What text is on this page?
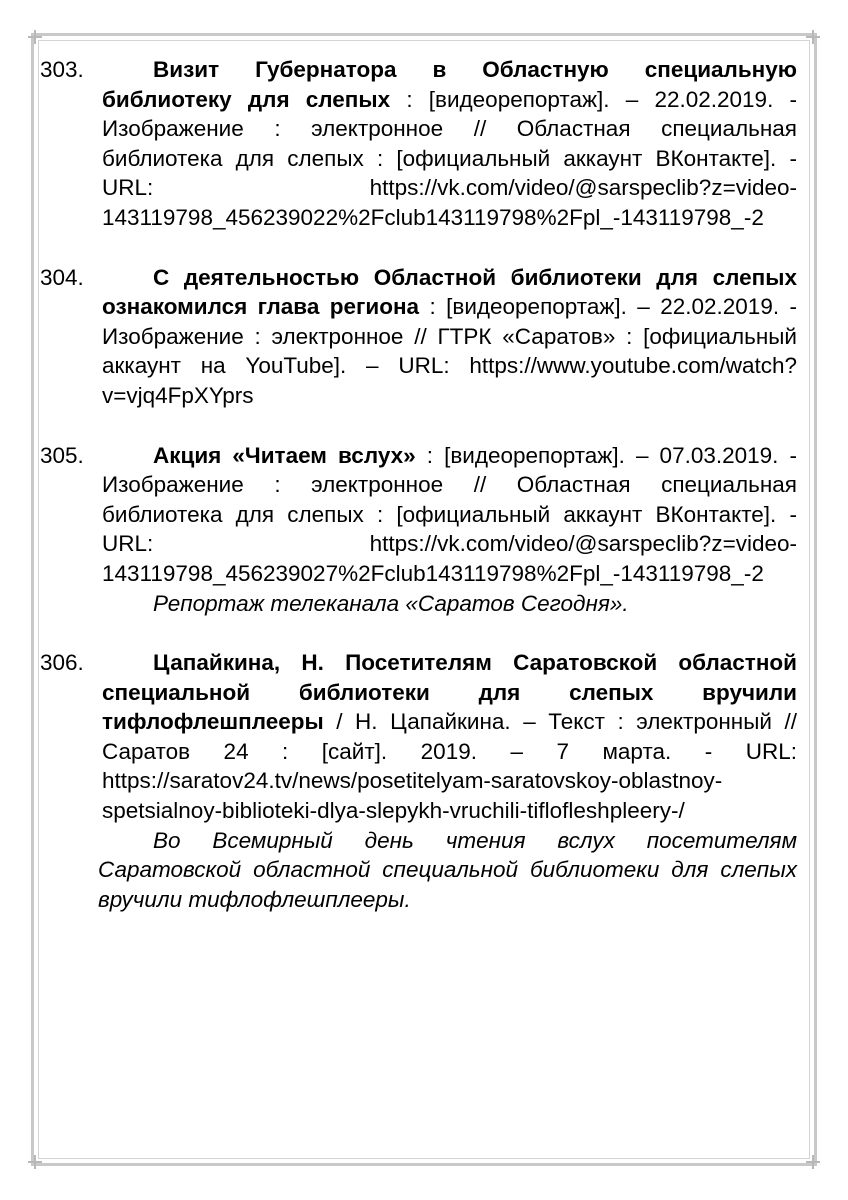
303.	Визит Губернатора в Областную специальную библиотеку для слепых : [видеорепортаж]. – 22.02.2019. - Изображение : электронное // Областная специальная библиотека для слепых : [официальный аккаунт ВКонтакте]. - URL: https://vk.com/video/@sarspeclib?z=video-143119798_456239022%2Fclub143119798%2Fpl_-143119798_-2
304.	С деятельностью Областной библиотеки для слепых ознакомился глава региона : [видеорепортаж]. – 22.02.2019. - Изображение : электронное // ГТРК «Саратов» : [официальный аккаунт на YouTube]. – URL: https://www.youtube.com/watch?v=vjq4FpXYprs
305.	Акция «Читаем вслух» : [видеорепортаж]. – 07.03.2019. - Изображение : электронное // Областная специальная библиотека для слепых : [официальный аккаунт ВКонтакте]. - URL: https://vk.com/video/@sarspeclib?z=video-143119798_456239027%2Fclub143119798%2Fpl_-143119798_-2
Репортаж телеканала «Саратов Сегодня».
306.	Цапайкина, Н. Посетителям Саратовской областной специальной библиотеки для слепых вручили тифлофлешплееры / Н. Цапайкина. – Текст : электронный // Саратов 24 : [сайт]. 2019. – 7 марта. - URL: https://saratov24.tv/news/posetitelyam-saratovskoy-oblastnoy-spetsialnoy-biblioteki-dlya-slepykh-vruchili-tiflofleshpleery-/
Во Всемирный день чтения вслух посетителям Саратовской областной специальной библиотеки для слепых вручили тифлофлешплееры.
